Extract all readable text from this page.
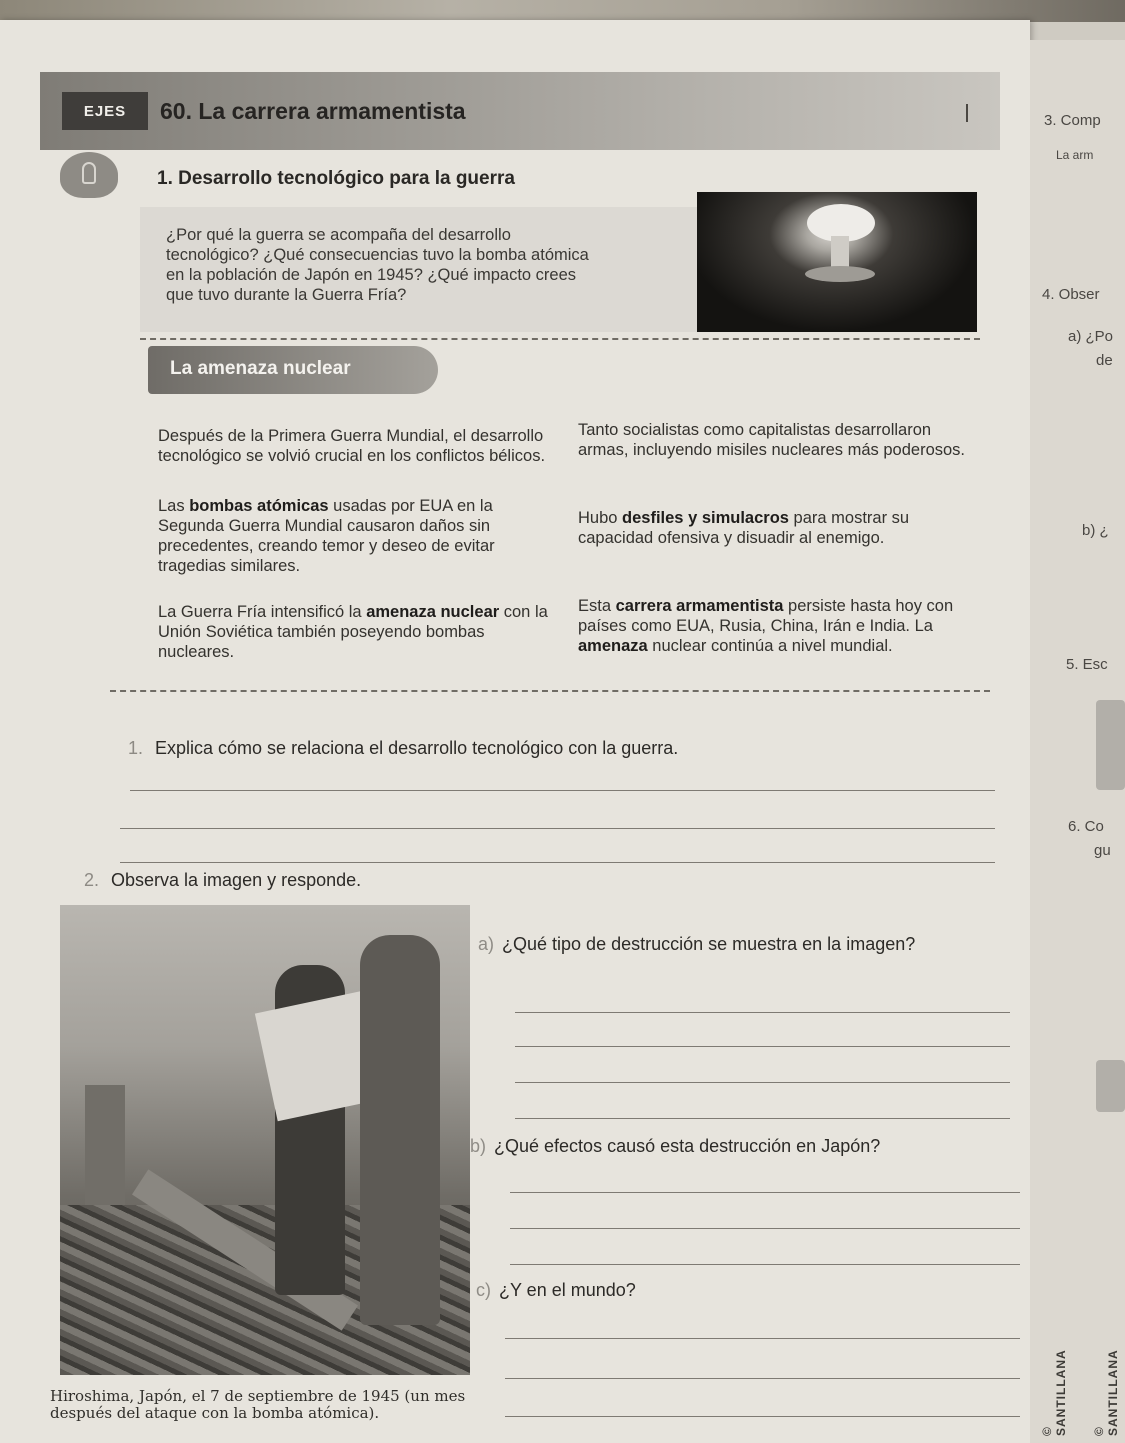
EJES	60. La carrera armamentista
1. Desarrollo tecnológico para la guerra
¿Por qué la guerra se acompaña del desarrollo
tecnológico? ¿Qué consecuencias tuvo la bomba atómica
en la población de Japón en 1945? ¿Qué impacto crees
que tuvo durante la Guerra Fría?
La amenaza nuclear
Después de la Primera Guerra Mundial, el desarrollo tecnológico se volvió crucial en los conflictos bélicos.
Las bombas atómicas usadas por EUA en la Segunda Guerra Mundial causaron daños sin precedentes, creando temor y deseo de evitar tragedias similares.
La Guerra Fría intensificó la amenaza nuclear con la Unión Soviética también poseyendo bombas nucleares.
Tanto socialistas como capitalistas desarrollaron armas, incluyendo misiles nucleares más poderosos.
Hubo desfiles y simulacros para mostrar su capacidad ofensiva y disuadir al enemigo.
Esta carrera armamentista persiste hasta hoy con países como EUA, Rusia, China, Irán e India. La amenaza nuclear continúa a nivel mundial.
1. Explica cómo se relaciona el desarrollo tecnológico con la guerra.
2. Observa la imagen y responde.
Hiroshima, Japón, el 7 de septiembre de 1945 (un mes después del ataque con la bomba atómica).
a) ¿Qué tipo de destrucción se muestra en la imagen?
b) ¿Qué efectos causó esta destrucción en Japón?
c) ¿Y en el mundo?
© SANTILLANA © SANTILLANA
3. Comp
La arm
4. Obser
a) ¿Po
de
b) ¿
5. Esc
6. Co
gu
